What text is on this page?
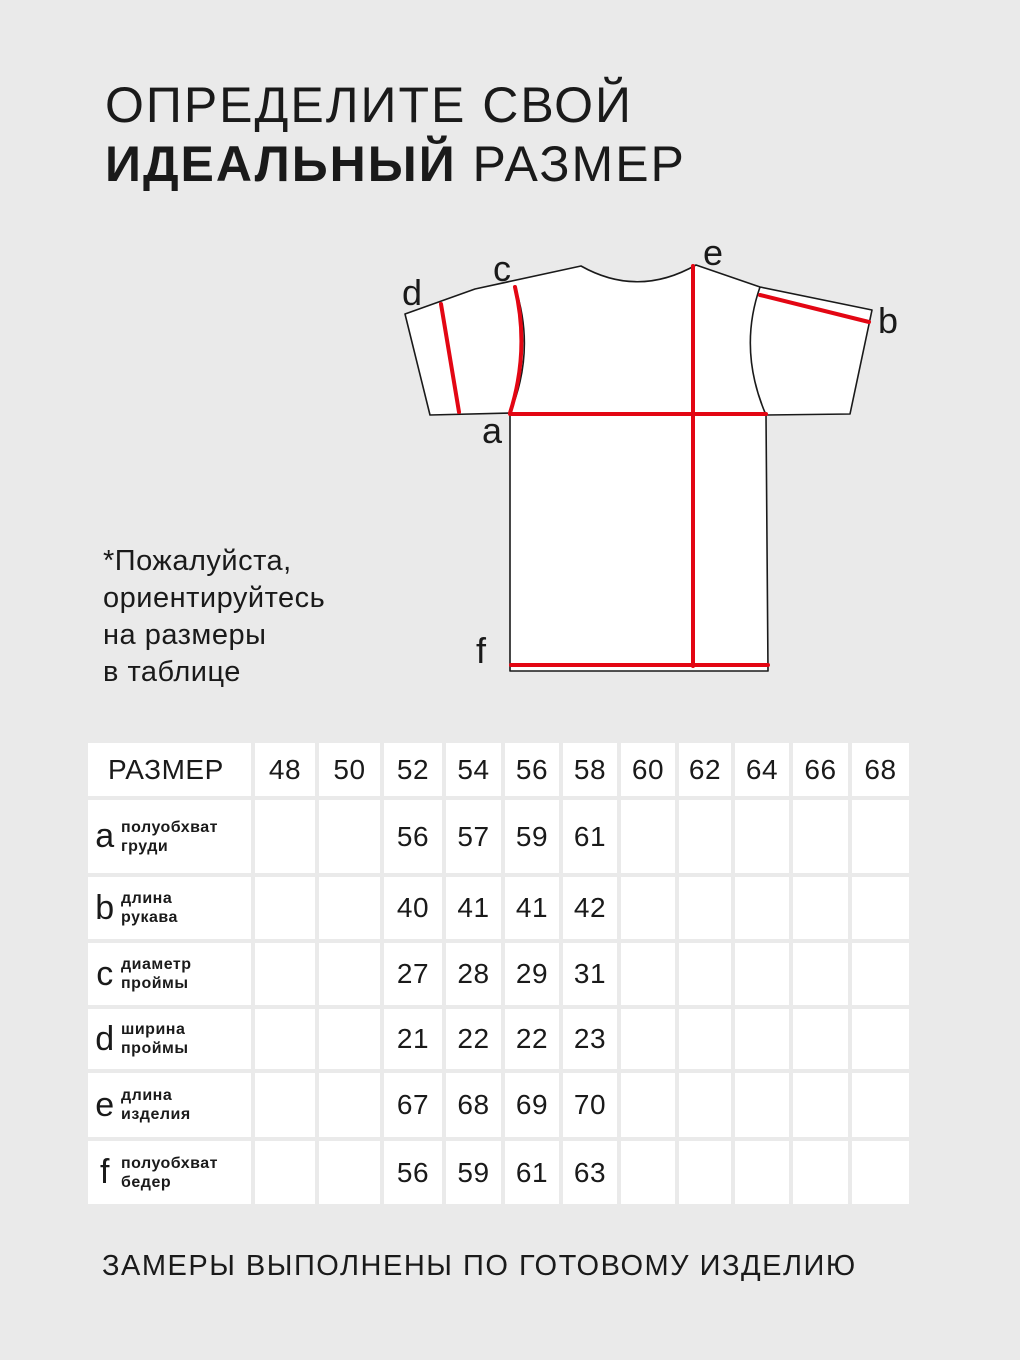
ОПРЕДЕЛИТЕ СВОЙ
ИДЕАЛЬНЫЙ РАЗМЕР
*Пожалуйста,
ориентируйтесь
на размеры
в таблице
d
c	e
b
a
f
РАЗМЕР	48	50	52	54	56	58	60	62	64	66	68
a полуобхват
груди			56	57	59	61					
b длина
рукава			40	41	41	42					
c диаметр
проймы			27	28	29	31					
d ширина
проймы			21	22	22	23					
e длина
изделия			67	68	69	70					
f полуобхват
бедер			56	59	61	63					
ЗАМЕРЫ ВЫПОЛНЕНЫ ПО ГОТОВОМУ ИЗДЕЛИЮ
